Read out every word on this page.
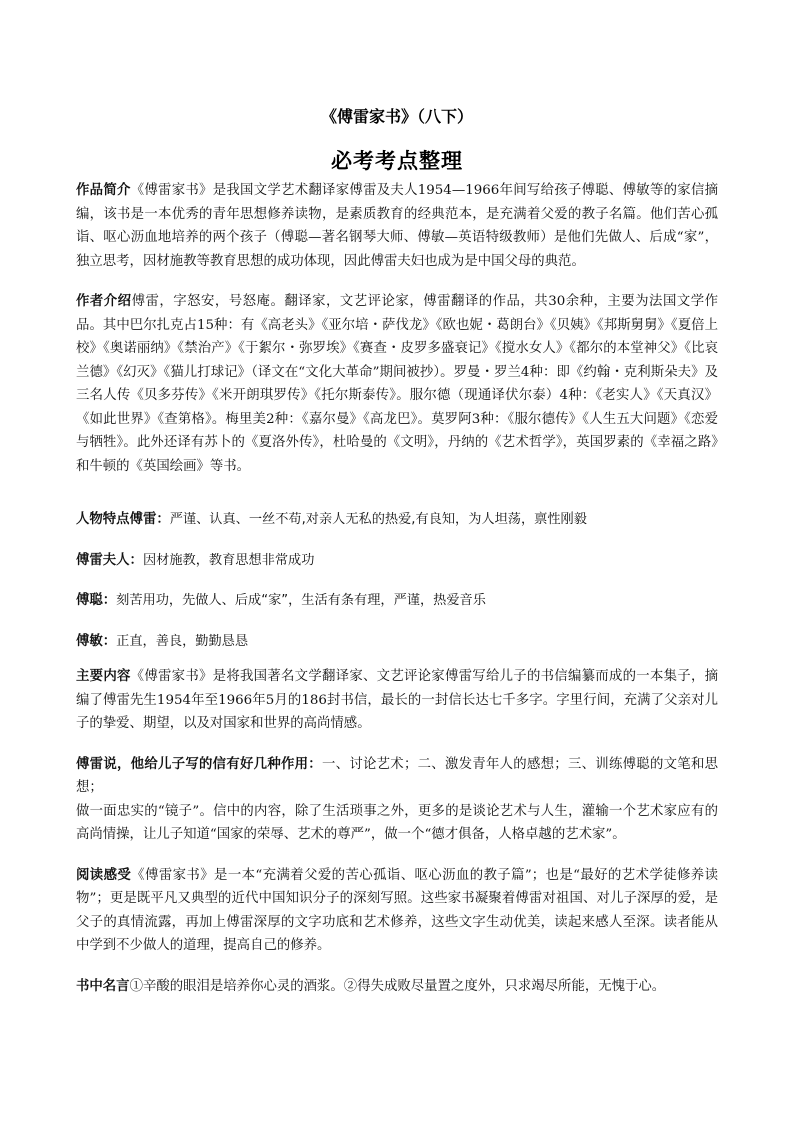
《傅雷家书》（八下）
必考考点整理

作品简介《傅雷家书》是我国文学艺术翻译家傅雷及夫人1954—1966年间写给孩子傅聪、傅敏等的家信摘编，该书是一本优秀的青年思想修养读物，是素质教育的经典范本，是充满着父爱的教子名篇。他们苦心孤诣、呕心沥血地培养的两个孩子（傅聪—著名钢琴大师、傅敏—英语特级教师）是他们先做人、后成“家”，独立思考，因材施教等教育思想的成功体现，因此傅雷夫妇也成为是中国父母的典范。

作者介绍傅雷，字怒安，号怒庵。翻译家，文艺评论家，傅雷翻译的作品，共30余种，主要为法国文学作品。其中巴尔扎克占15种：有《高老头》《亚尔培・萨伐龙》《欧也妮・葛朗台》《贝姨》《邦斯舅舅》《夏倍上校》《奥诺丽纳》《禁治产》《于絮尔・弥罗埃》《赛查・皮罗多盛衰记》《搅水女人》《都尔的本堂神父》《比哀兰德》《幻灭》《猫儿打球记》（译文在“文化大革命”期间被抄）。罗曼・罗兰4种：即《约翰・克利斯朵夫》及三名人传《贝多芬传》《米开朗琪罗传》《托尔斯泰传》。服尔德（现通译伏尔泰）4种：《老实人》《天真汉》《如此世界》《查第格》。梅里美2种：《嘉尔曼》《高龙巴》。莫罗阿3种：《服尔德传》《人生五大问题》《恋爱与牺牲》。此外还译有苏卜的《夏洛外传》，杜哈曼的《文明》，丹纳的《艺术哲学》，英国罗素的《幸福之路》和牛顿的《英国绘画》等书。

人物特点傅雷：严谨、认真、一丝不苟,对亲人无私的热爱,有良知，为人坦荡，禀性刚毅

傅雷夫人：因材施教，教育思想非常成功

傅聪：刻苦用功，先做人、后成“家”，生活有条有理，严谨，热爱音乐

傅敏：正直，善良，勤勤恳恳

主要内容《傅雷家书》是将我国著名文学翻译家、文艺评论家傅雷写给儿子的书信编纂而成的一本集子，摘编了傅雷先生1954年至1966年5月的186封书信，最长的一封信长达七千多字。字里行间，充满了父亲对儿子的挚爱、期望，以及对国家和世界的高尚情感。

傅雷说，他给儿子写的信有好几种作用：一、讨论艺术；二、激发青年人的感想；三、训练傅聪的文笔和思想；

做一面忠实的“镜子”。信中的内容，除了生活琐事之外，更多的是谈论艺术与人生，灌输一个艺术家应有的高尚情操，让儿子知道“国家的荣辱、艺术的尊严”，做一个“德才俱备，人格卓越的艺术家”。

阅读感受《傅雷家书》是一本“充满着父爱的苦心孤诣、呕心沥血的教子篇”；也是“最好的艺术学徒修养读物”；更是既平凡又典型的近代中国知识分子的深刻写照。这些家书凝聚着傅雷对祖国、对儿子深厚的爱，是父子的真情流露，再加上傅雷深厚的文字功底和艺术修养，这些文字生动优美，读起来感人至深。读者能从中学到不少做人的道理，提高自己的修养。

书中名言①辛酸的眼泪是培养你心灵的酒浆。②得失成败尽量置之度外，只求竭尽所能，无愧于心。
